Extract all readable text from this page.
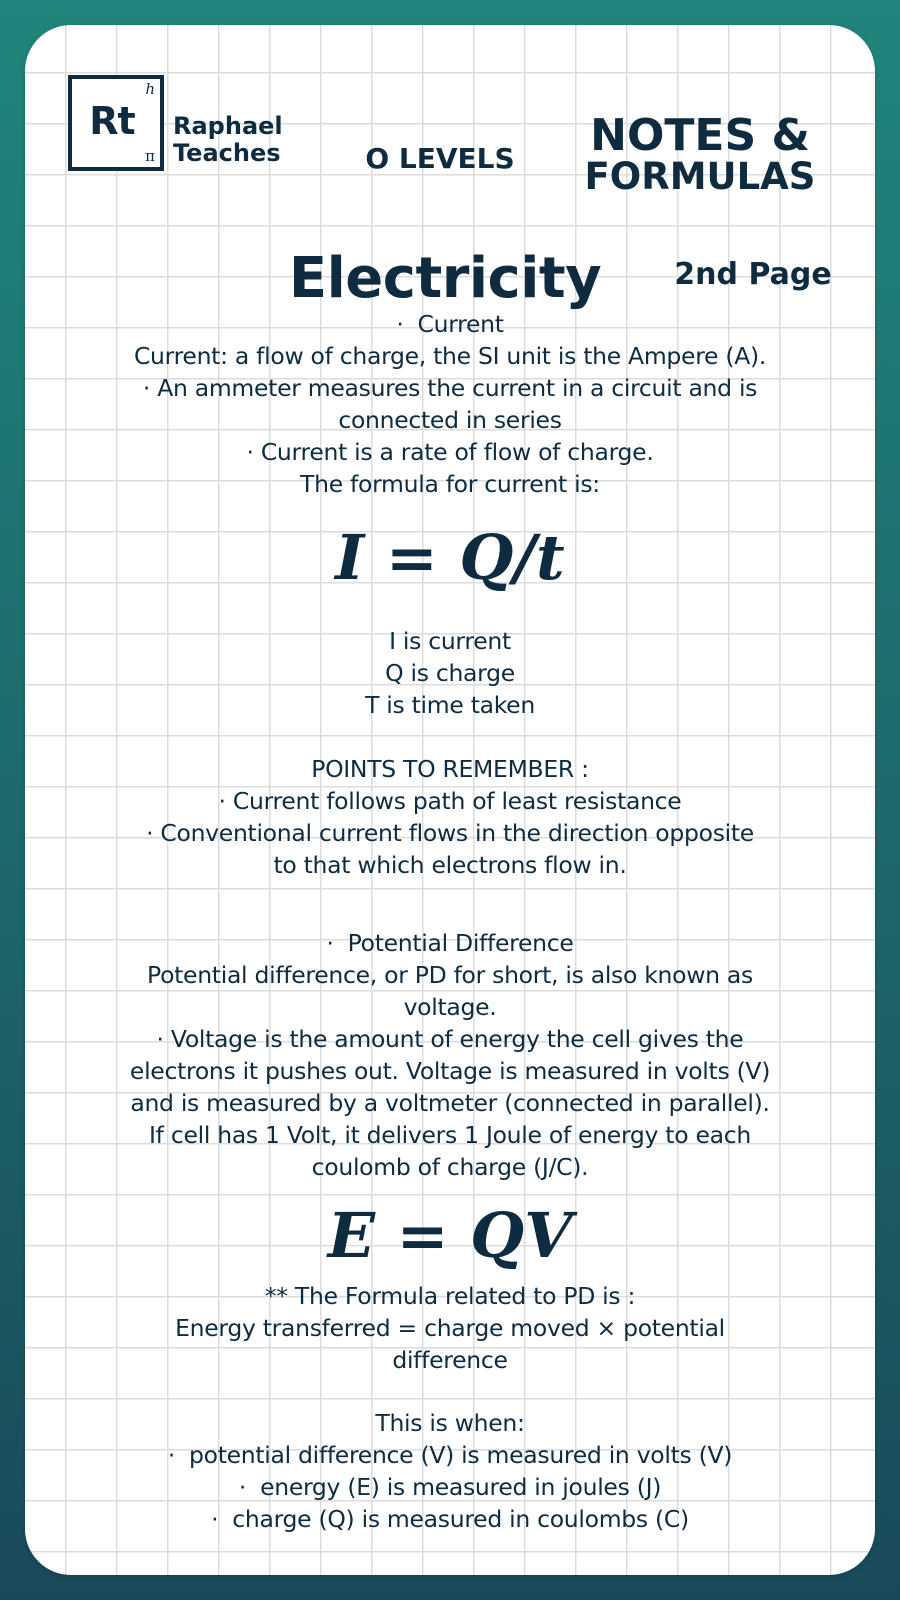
h
Rt
π
Raphael
Teaches	O LEVELS	NOTES &
FORMULAS
Electricity	2nd Page
· Current
Current: a flow of charge, the SI unit is the Ampere (A).
· An ammeter measures the current in a circuit and is
connected in series
· Current is a rate of flow of charge.
The formula for current is:
I = Q/t
I is current
Q is charge
T is time taken
POINTS TO REMEMBER :
· Current follows path of least resistance
· Conventional current flows in the direction opposite
to that which electrons flow in.
· Potential Difference
Potential difference, or PD for short, is also known as
voltage.
· Voltage is the amount of energy the cell gives the
electrons it pushes out. Voltage is measured in volts (V)
and is measured by a voltmeter (connected in parallel).
If cell has 1 Volt, it delivers 1 Joule of energy to each
coulomb of charge (J/C).
E = QV
** The Formula related to PD is :
Energy transferred = charge moved × potential
difference
This is when:
· potential difference (V) is measured in volts (V)
· energy (E) is measured in joules (J)
· charge (Q) is measured in coulombs (C)
